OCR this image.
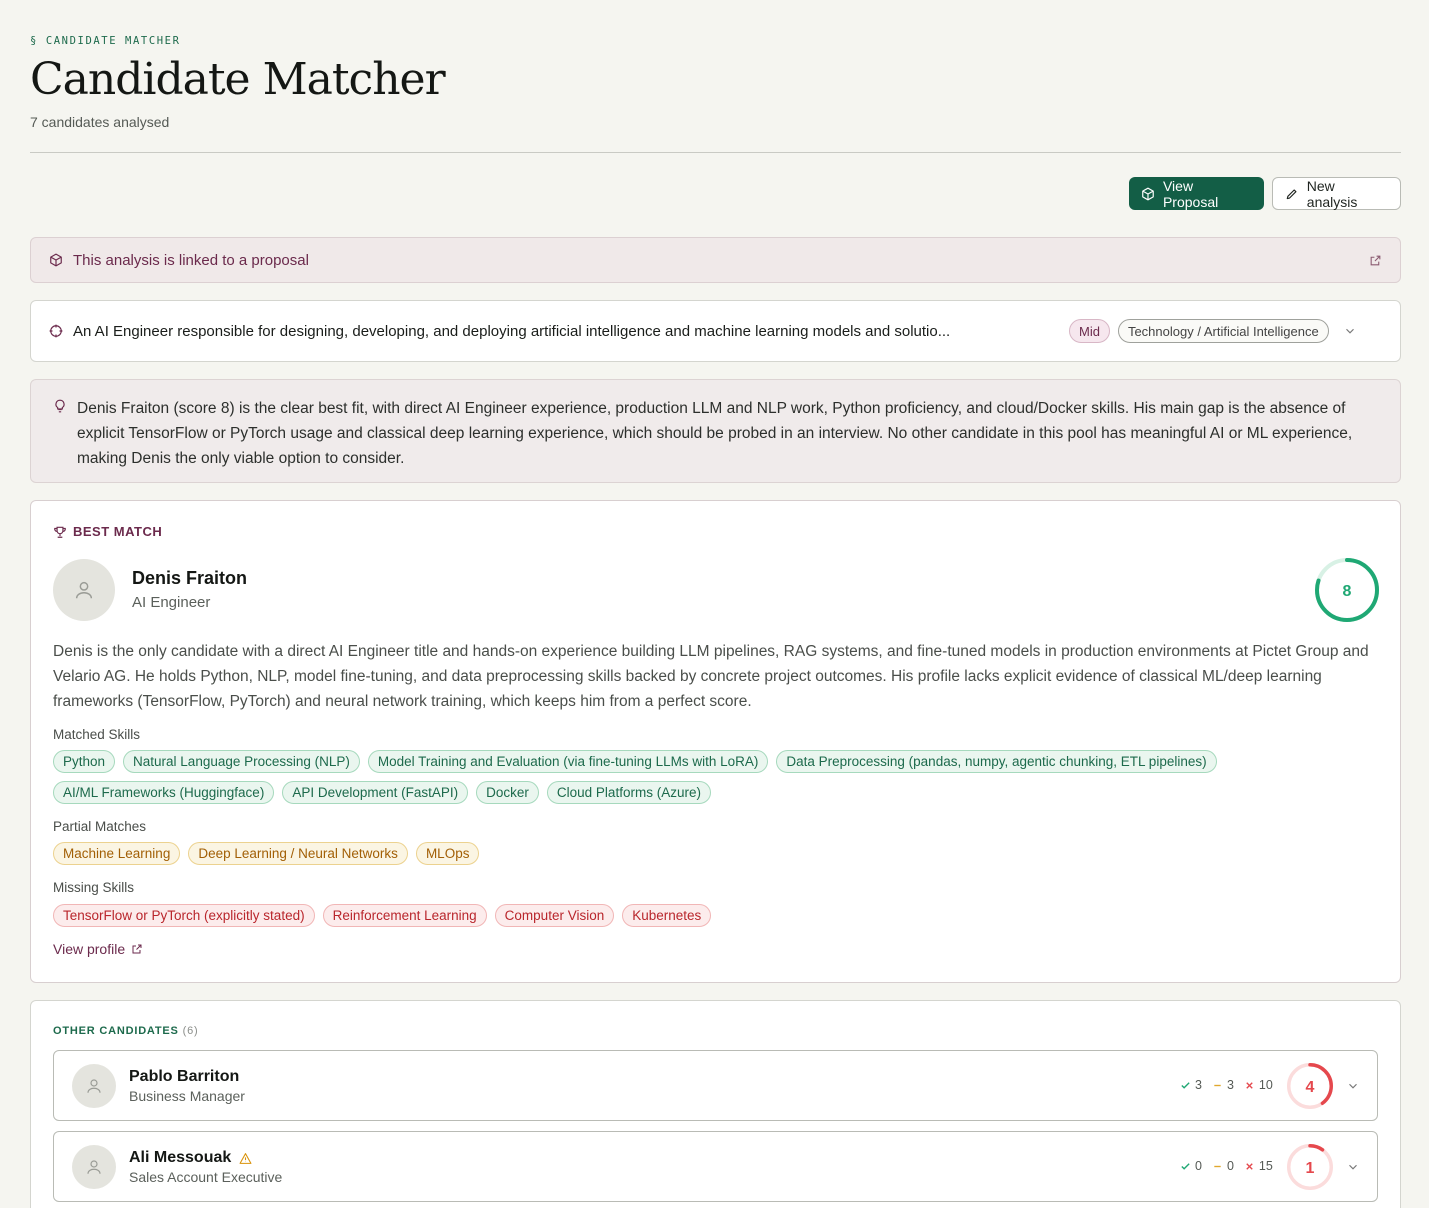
§ CANDIDATE MATCHER
Candidate Matcher
7 candidates analysed
View Proposal
New analysis
This analysis is linked to a proposal
An AI Engineer responsible for designing, developing, and deploying artificial intelligence and machine learning models and solutio...	Mid	Technology / Artificial Intelligence

Denis Fraiton (score 8) is the clear best fit, with direct AI Engineer experience, production LLM and NLP work, Python proficiency, and cloud/Docker skills. His main gap is the absence of explicit TensorFlow or PyTorch usage and classical deep learning experience, which should be probed in an interview. No other candidate in this pool has meaningful AI or ML experience, making Denis the only viable option to consider.

BEST MATCH
Denis Fraiton
AI Engineer
8

Denis is the only candidate with a direct AI Engineer title and hands-on experience building LLM pipelines, RAG systems, and fine-tuned models in production environments at Pictet Group and Velario AG. He holds Python, NLP, model fine-tuning, and data preprocessing skills backed by concrete project outcomes. His profile lacks explicit evidence of classical ML/deep learning frameworks (TensorFlow, PyTorch) and neural network training, which keeps him from a perfect score.

Matched Skills
Python	Natural Language Processing (NLP)	Model Training and Evaluation (via fine-tuning LLMs with LoRA)	Data Preprocessing (pandas, numpy, agentic chunking, ETL pipelines)
AI/ML Frameworks (Huggingface)	API Development (FastAPI)	Docker	Cloud Platforms (Azure)
Partial Matches
Machine Learning	Deep Learning / Neural Networks	MLOps
Missing Skills
TensorFlow or PyTorch (explicitly stated)	Reinforcement Learning	Computer Vision	Kubernetes
View profile
OTHER CANDIDATES (6)
Pablo Barriton
Business Manager
3 3 10 4
Ali Messouak
Sales Account Executive
0 0 15 1
